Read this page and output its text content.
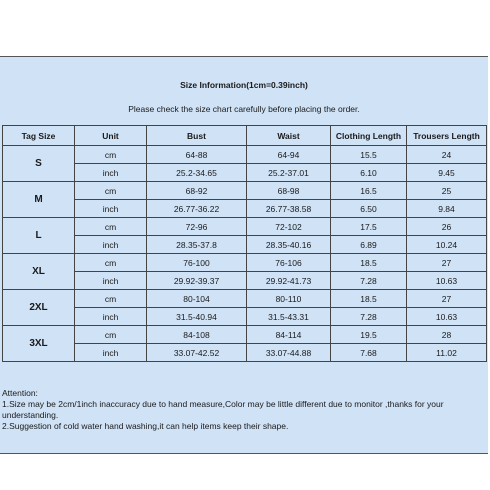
Size Information(1cm=0.39inch)
Please check the size chart carefully before placing the order.
Tag Size	Unit	Bust	Waist	Clothing Length	Trousers Length
S	cm	64-88	64-94	15.5	24
	inch	25.2-34.65	25.2-37.01	6.10	9.45
M	cm	68-92	68-98	16.5	25
	inch	26.77-36.22	26.77-38.58	6.50	9.84
L	cm	72-96	72-102	17.5	26
	inch	28.35-37.8	28.35-40.16	6.89	10.24
XL	cm	76-100	76-106	18.5	27
	inch	29.92-39.37	29.92-41.73	7.28	10.63
2XL	cm	80-104	80-110	18.5	27
	inch	31.5-40.94	31.5-43.31	7.28	10.63
3XL	cm	84-108	84-114	19.5	28
	inch	33.07-42.52	33.07-44.88	7.68	11.02
Attention:
1.Size may be 2cm/1inch inaccuracy due to hand measure,Color may be little different due to monitor ,thanks for your understanding.
2.Suggestion of cold water hand washing,it can help items keep their shape.
